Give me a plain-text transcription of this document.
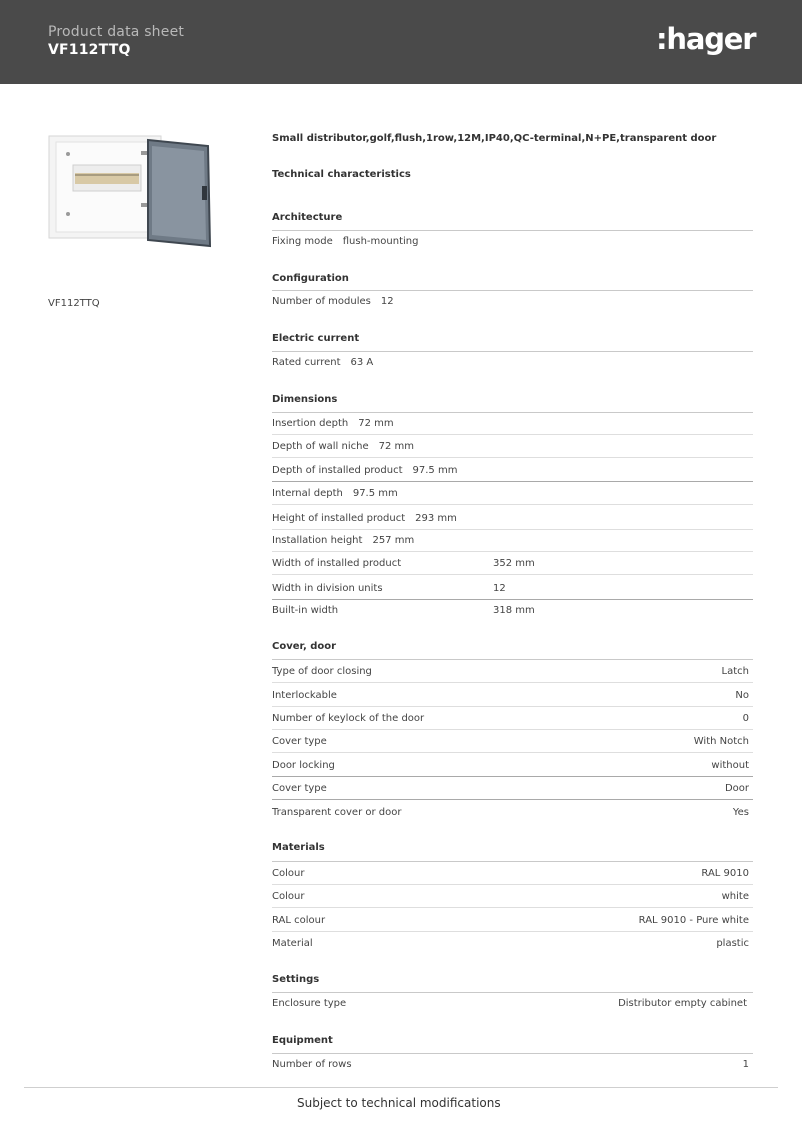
Product data sheet
VF112TTQ	:hager
VF112TTQ
Small distributor,golf,flush,1row,12M,IP40,QC-terminal,N+PE,transparent door
Technical characteristics
Architecture
Fixing mode flush-mounting
Configuration
Number of modules 12
Electric current
Rated current 63 A
Dimensions
Insertion depth 72 mm
Depth of wall niche 72 mm
Depth of installed product 97.5 mm
Internal depth 97.5 mm
Height of installed product 293 mm
Installation height 257 mm
Width of installed product	352 mm
Width in division units	12
Built-in width	318 mm
Cover, door
Type of door closing	Latch
Interlockable	No
Number of keylock of the door	0
Cover type	With Notch
Door locking	without
Cover type	Door
Transparent cover or door	Yes
Materials
Colour	RAL 9010
Colour	white
RAL colour	RAL 9010 - Pure white
Material	plastic
Settings
Enclosure type	Distributor empty cabinet
Equipment
Number of rows	1
Subject to technical modifications
